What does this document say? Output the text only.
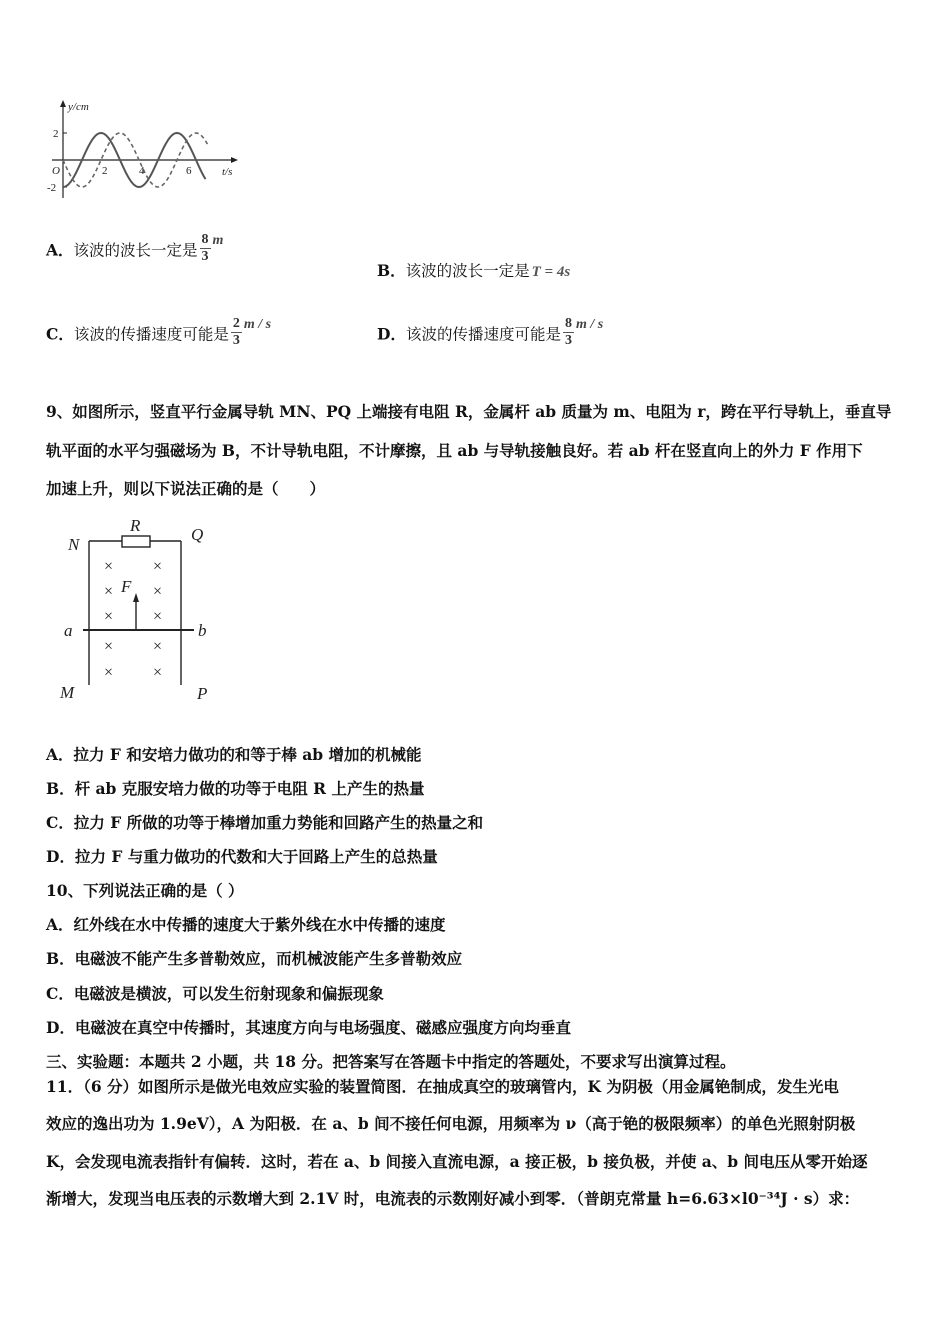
y/cm
t/s
O
2
-2
2	4	6
A．该波的波长一定是 $\frac{8}{3}$ m
B．该波的波长一定是 T = 4s
C．该波的传播速度可能是 $\frac{2}{3}$ m / s
D．该波的传播速度可能是 $\frac{8}{3}$ m / s
9、如图所示，竖直平行金属导轨 MN、PQ 上端接有电阻 R，金属杆 ab 质量为 m、电阻为 r，跨在平行导轨上，垂直导
轨平面的水平匀强磁场为 B，不计导轨电阻，不计摩擦，且 ab 与导轨接触良好。若 ab 杆在竖直向上的外力 F 作用下
加速上升，则以下说法正确的是（　　）
× ×
× ×
× ×
× ×
× ×
N
Q
R
F
a	b
M	P
A．拉力 F 和安培力做功的和等于棒 ab 增加的机械能
B．杆 ab 克服安培力做的功等于电阻 R 上产生的热量
C．拉力 F 所做的功等于棒增加重力势能和回路产生的热量之和
D．拉力 F 与重力做功的代数和大于回路上产生的总热量
10、下列说法正确的是（ ）
A．红外线在水中传播的速度大于紫外线在水中传播的速度
B．电磁波不能产生多普勒效应，而机械波能产生多普勒效应
C．电磁波是横波，可以发生衍射现象和偏振现象
D．电磁波在真空中传播时，其速度方向与电场强度、磁感应强度方向均垂直
三、实验题：本题共 2 小题，共 18 分。把答案写在答题卡中指定的答题处，不要求写出演算过程。
11．（6 分）如图所示是做光电效应实验的装置简图．在抽成真空的玻璃管内，K 为阴极（用金属铯制成，发生光电
效应的逸出功为 1.9eV），A 为阳极．在 a、b 间不接任何电源，用频率为 ν（高于铯的极限频率）的单色光照射阴极
K，会发现电流表指针有偏转．这时，若在 a、b 间接入直流电源，a 接正极，b 接负极，并使 a、b 间电压从零开始逐
渐增大，发现当电压表的示数增大到 2.1V 时，电流表的示数刚好减小到零．（普朗克常量 h=6.63×l0⁻³⁴J · s）求：
